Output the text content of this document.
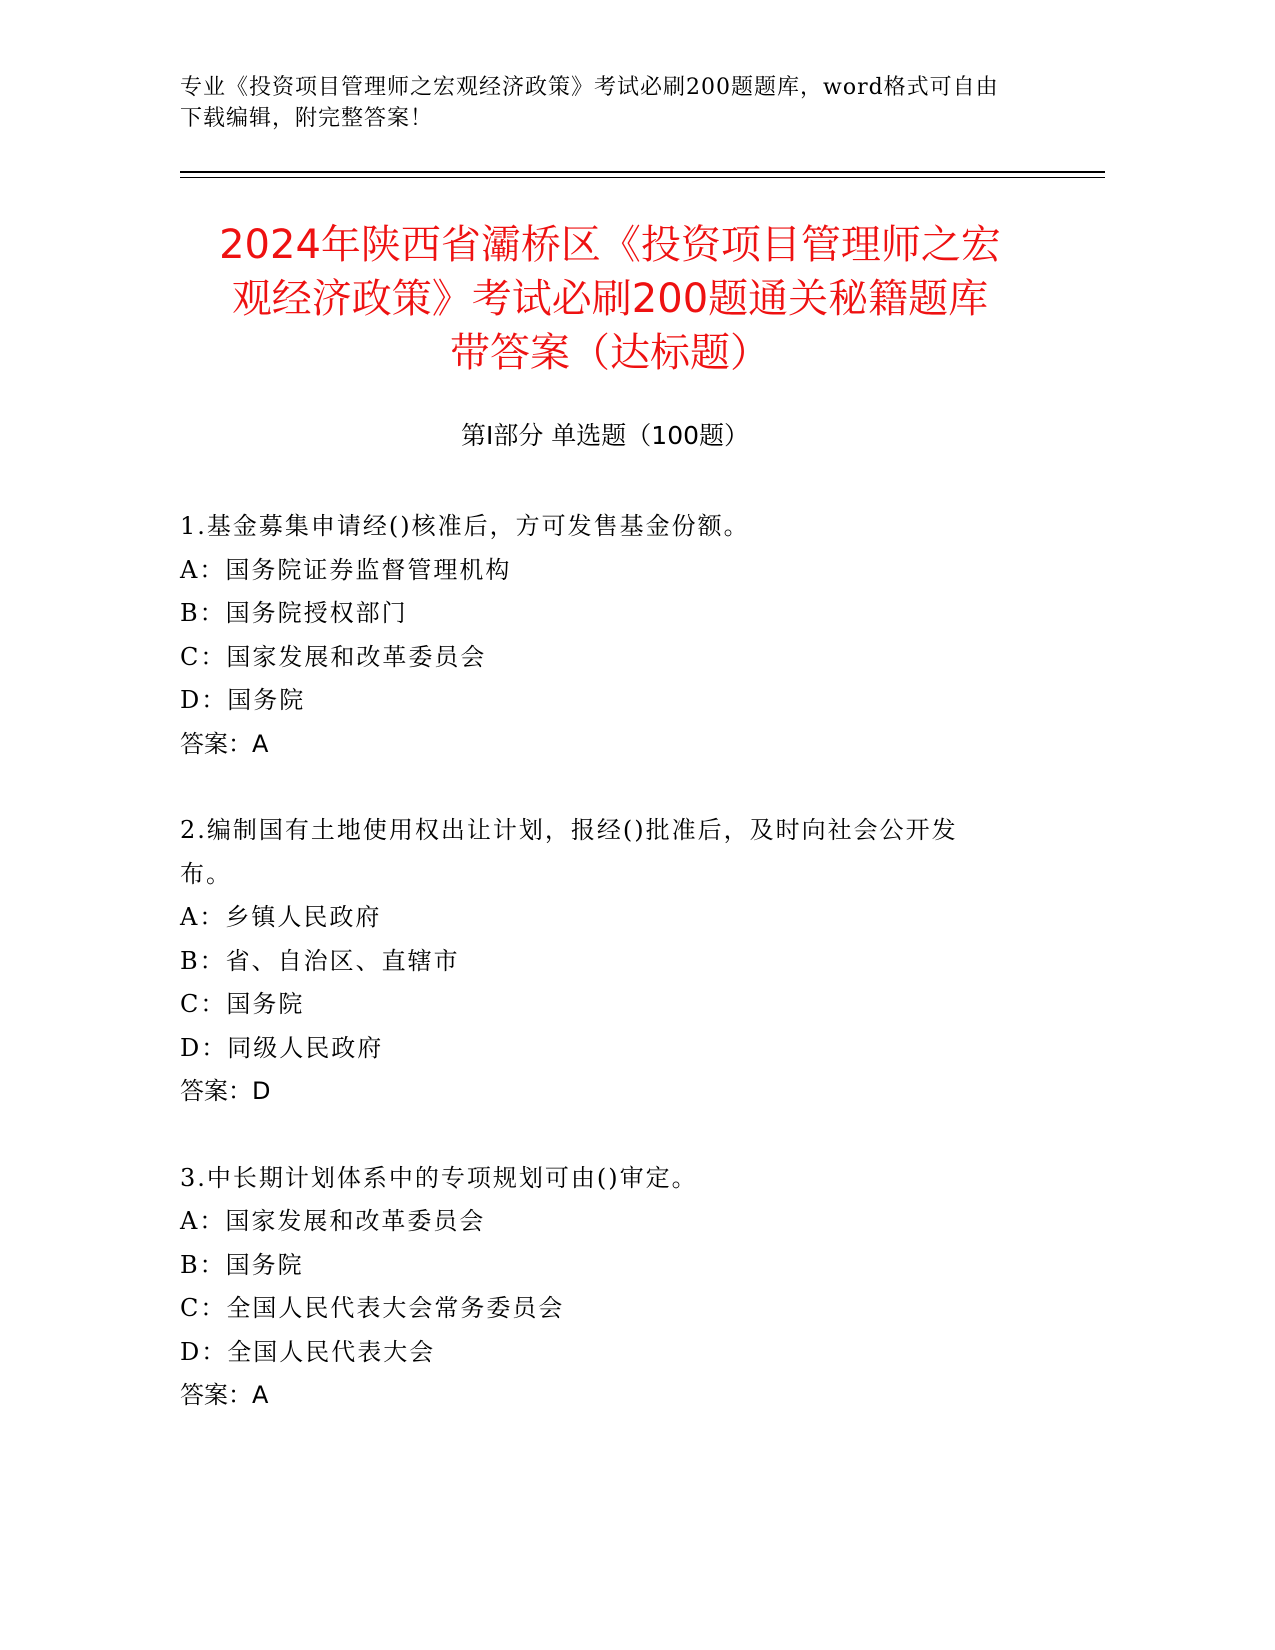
专业《投资项目管理师之宏观经济政策》考试必刷200题题库，word格式可自由
下载编辑，附完整答案！
2024年陕西省灞桥区《投资项目管理师之宏
观经济政策》考试必刷200题通关秘籍题库
带答案（达标题）
第Ⅰ部分 单选题（100题）

1.基金募集申请经()核准后，方可发售基金份额。

A：国务院证券监督管理机构

B：国务院授权部门

C：国家发展和改革委员会

D：国务院

答案：A

2.编制国有土地使用权出让计划，报经()批准后，及时向社会公开发

布。

A：乡镇人民政府

B：省、自治区、直辖市

C：国务院

D：同级人民政府

答案：D

3.中长期计划体系中的专项规划可由()审定。

A：国家发展和改革委员会

B：国务院

C：全国人民代表大会常务委员会

D：全国人民代表大会

答案：A
